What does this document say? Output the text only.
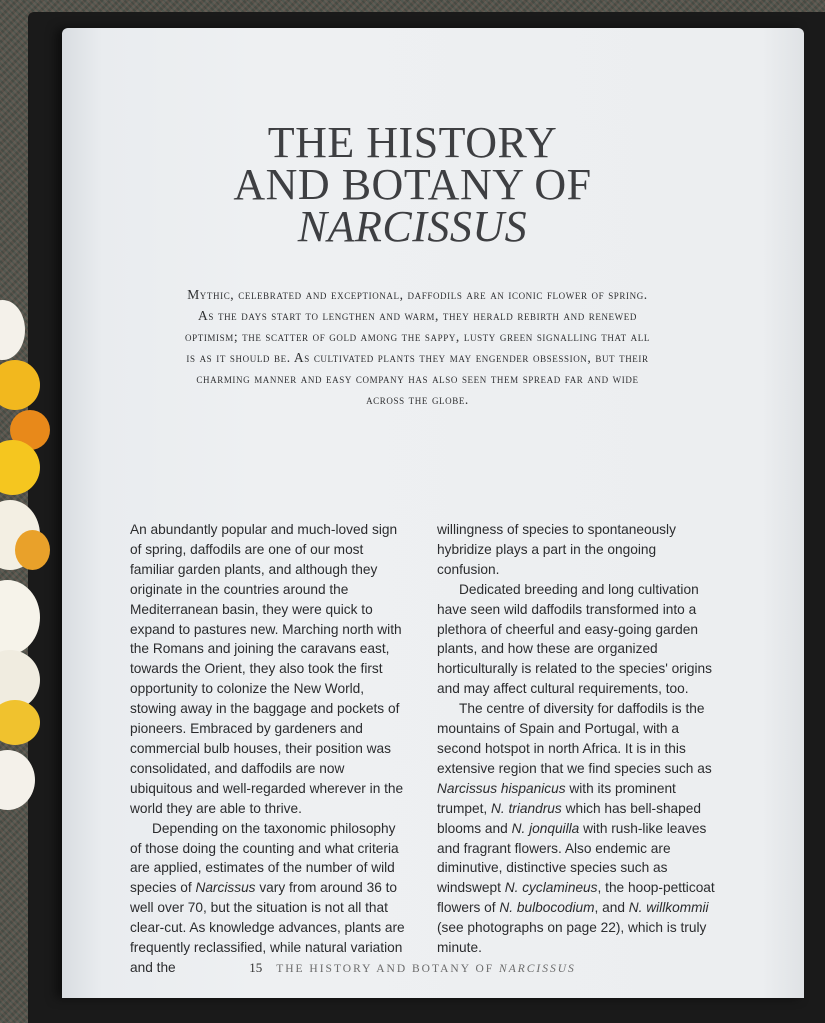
THE HISTORY
AND BOTANY OF
NARCISSUS
Mythic, celebrated and exceptional, daffodils are an iconic flower of spring. As the days start to lengthen and warm, they herald rebirth and renewed optimism; the scatter of gold among the sappy, lusty green signalling that all is as it should be. As cultivated plants they may engender obsession, but their charming manner and easy company has also seen them spread far and wide across the globe.

An abundantly popular and much-loved sign of spring, daffodils are one of our most familiar garden plants, and although they originate in the countries around the Mediterranean basin, they were quick to expand to pastures new. Marching north with the Romans and joining the caravans east, towards the Orient, they also took the first opportunity to colonize the New World, stowing away in the baggage and pockets of pioneers. Embraced by gardeners and commercial bulb houses, their position was consolidated, and daffodils are now ubiquitous and well-regarded wherever in the world they are able to thrive.

Depending on the taxonomic philosophy of those doing the counting and what criteria are applied, estimates of the number of wild species of Narcissus vary from around 36 to well over 70, but the situation is not all that clear-cut. As knowledge advances, plants are frequently reclassified, while natural variation and the

willingness of species to spontaneously hybridize plays a part in the ongoing confusion.

Dedicated breeding and long cultivation have seen wild daffodils transformed into a plethora of cheerful and easy-going garden plants, and how these are organized horticulturally is related to the species' origins and may affect cultural requirements, too.

The centre of diversity for daffodils is the mountains of Spain and Portugal, with a second hotspot in north Africa. It is in this extensive region that we find species such as Narcissus hispanicus with its prominent trumpet, N. triandrus which has bell-shaped blooms and N. jonquilla with rush-like leaves and fragrant flowers. Also endemic are diminutive, distinctive species such as windswept N. cyclamineus, the hoop-petticoat flowers of N. bulbocodium, and N. willkommii (see photographs on page 22), which is truly minute.

15 THE HISTORY AND BOTANY OF NARCISSUS
